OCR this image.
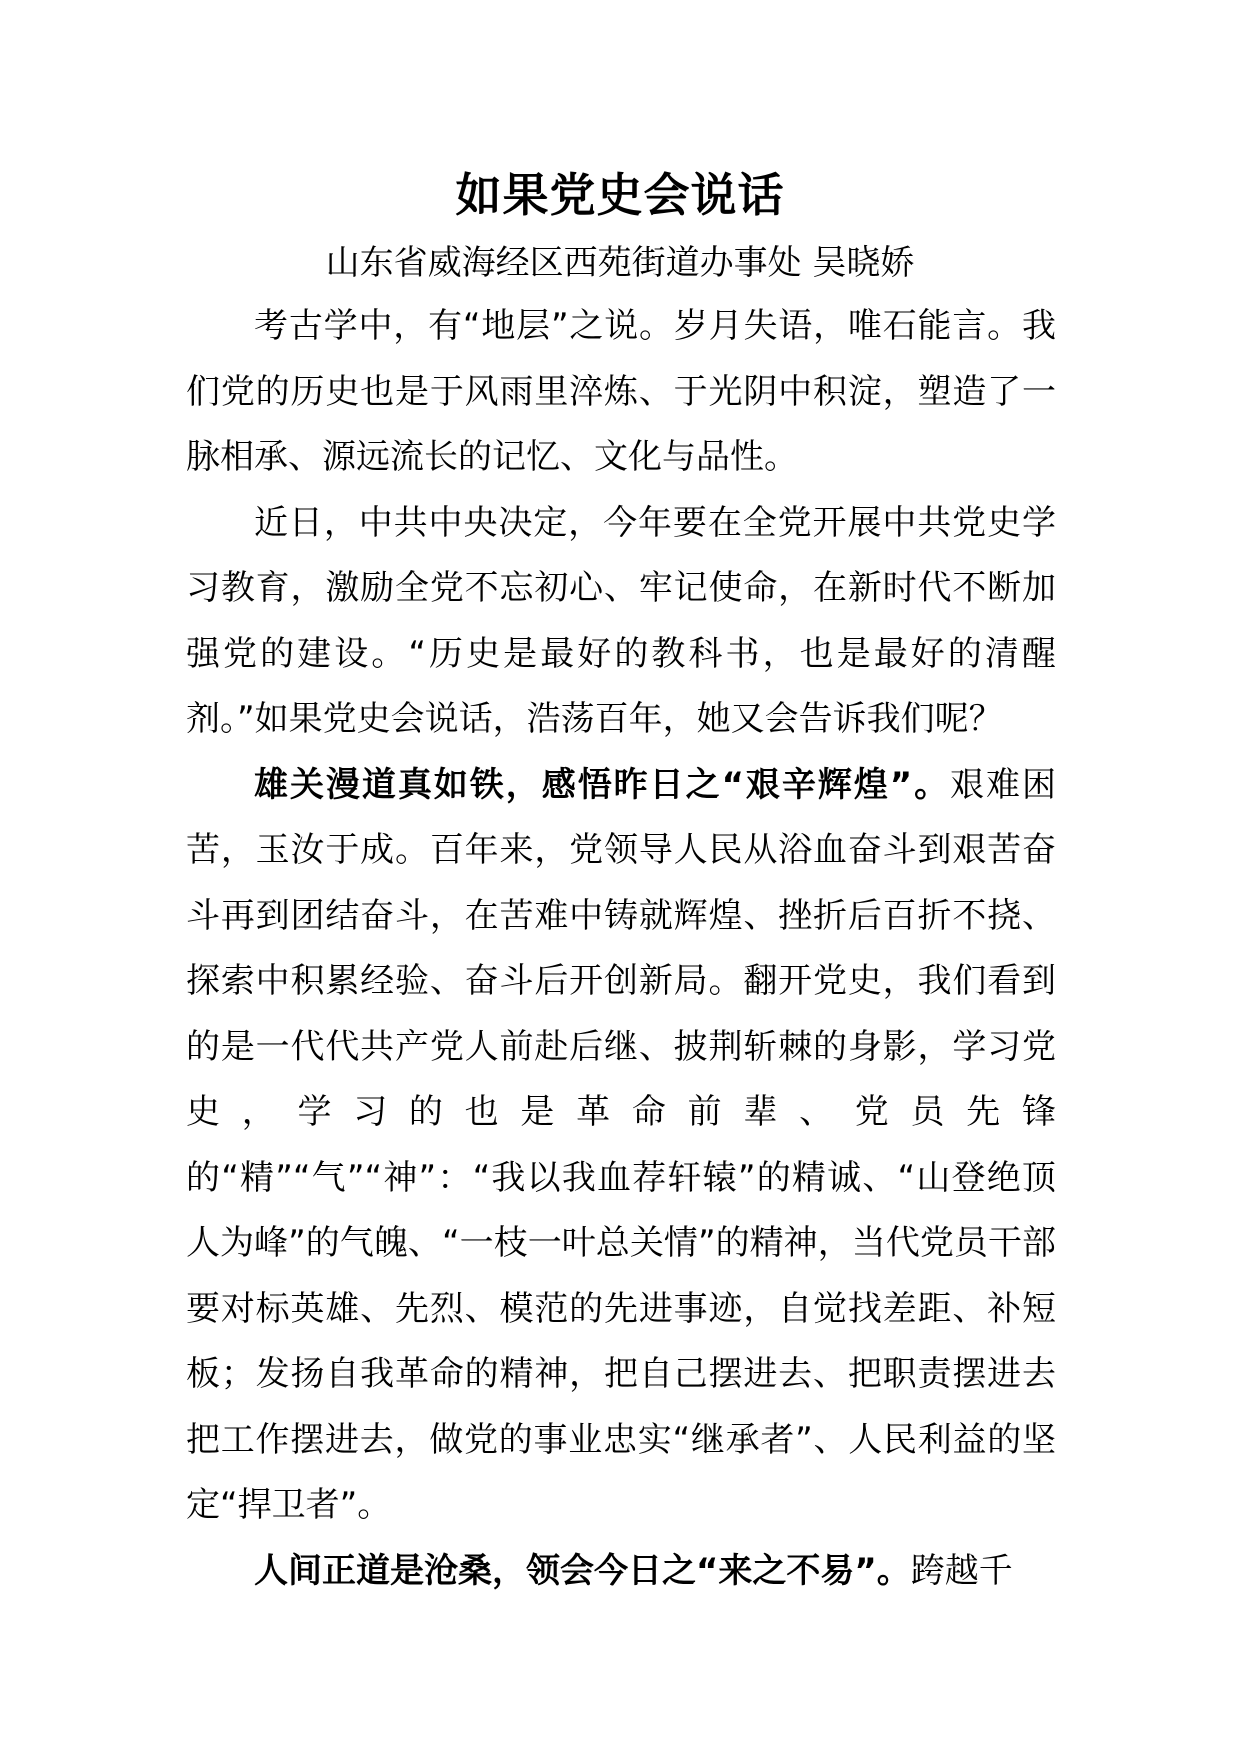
如果党史会说话
山东省威海经区西苑街道办事处 吴晓娇

考古学中，有“地层”之说。岁月失语，唯石能言。我们党的历史也是于风雨里淬炼、于光阴中积淀，塑造了一脉相承、源远流长的记忆、文化与品性。

近日，中共中央决定，今年要在全党开展中共党史学习教育，激励全党不忘初心、牢记使命，在新时代不断加强党的建设。“历史是最好的教科书，也是最好的清醒剂。”如果党史会说话，浩荡百年，她又会告诉我们呢？

雄关漫道真如铁，感悟昨日之“艰辛辉煌”。艰难困苦，玉汝于成。百年来，党领导人民从浴血奋斗到艰苦奋斗再到团结奋斗，在苦难中铸就辉煌、挫折后百折不挠、探索中积累经验、奋斗后开创新局。翻开党史，我们看到的是一代代共产党人前赴后继、披荆斩棘的身影，学习党史，学习的也是革命前辈、党员先锋的“精”“气”“神”：“我以我血荐轩辕”的精诚、“山登绝顶人为峰”的气魄、“一枝一叶总关情”的精神，当代党员干部要对标英雄、先烈、模范的先进事迹，自觉找差距、补短板；发扬自我革命的精神，把自己摆进去、把职责摆进去把工作摆进去，做党的事业忠实“继承者”、人民利益的坚定“捍卫者”。

人间正道是沧桑，领会今日之“来之不易”。跨越千
